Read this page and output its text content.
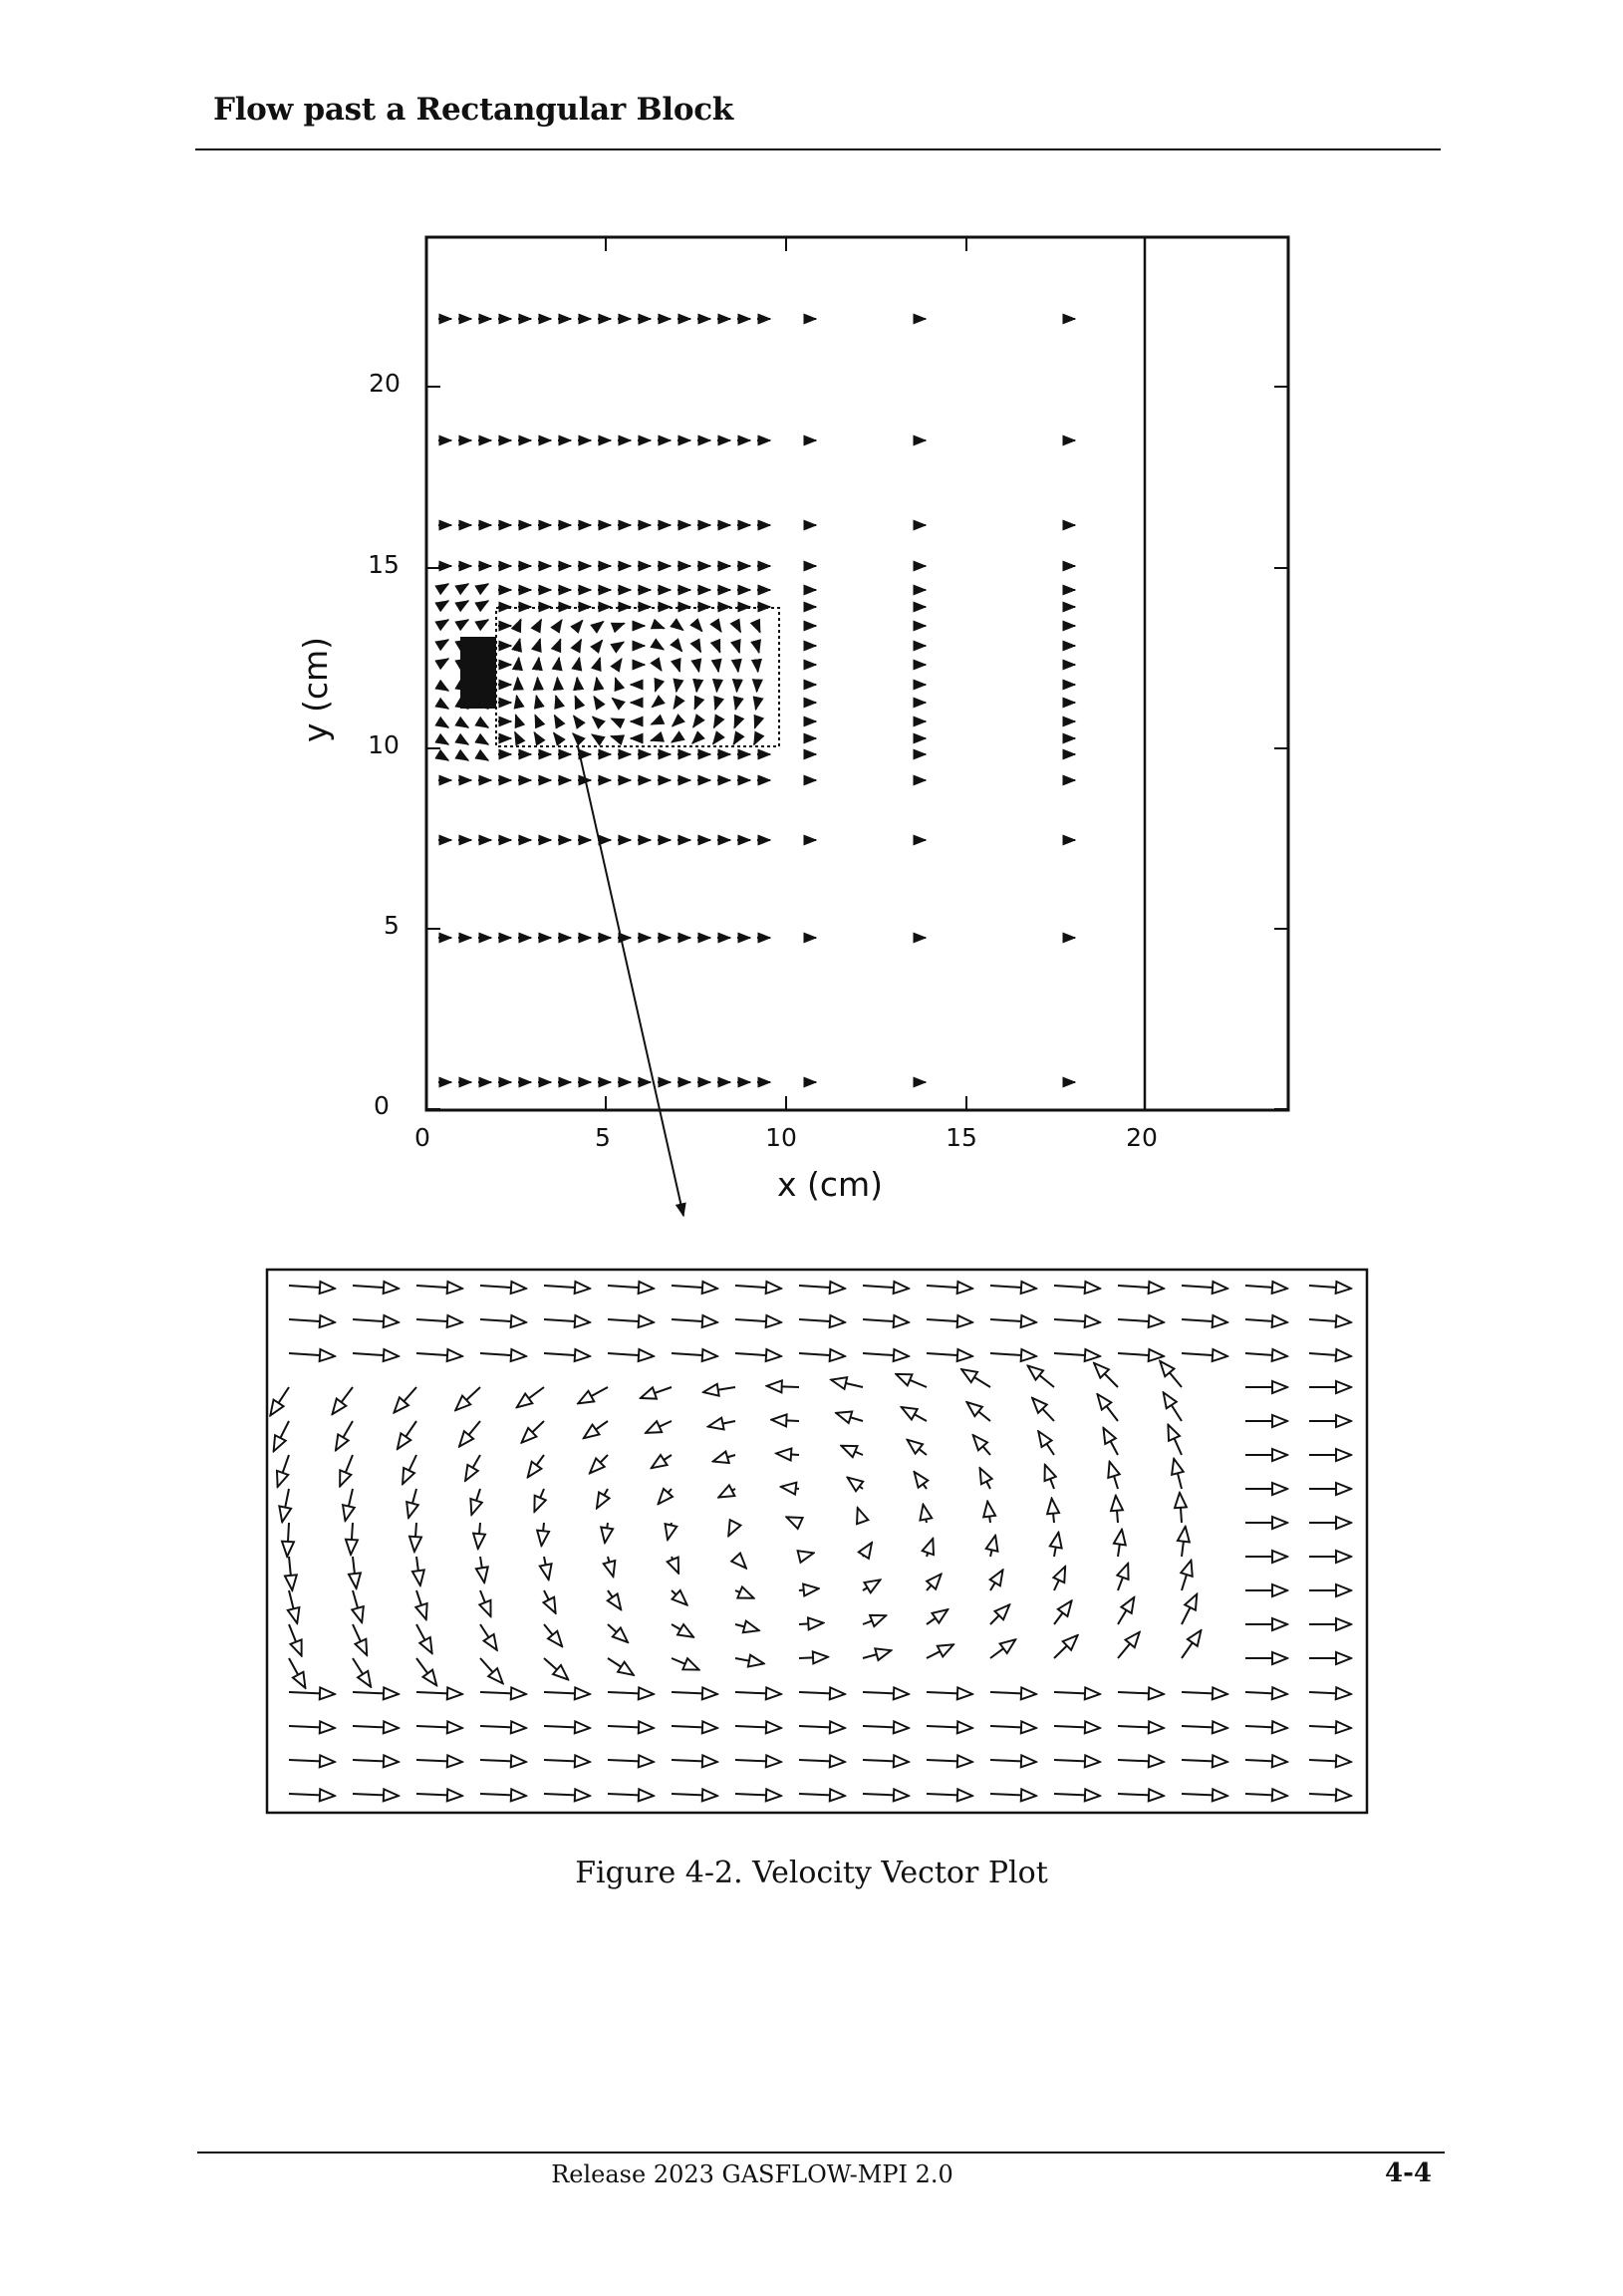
Flow past a Rectangular Block
0
5
10
15
20
0	5	10	15	20
x (cm)
y (cm)
Figure 4-2. Velocity Vector Plot
Release 2023 GASFLOW-MPI 2.0	4-4
